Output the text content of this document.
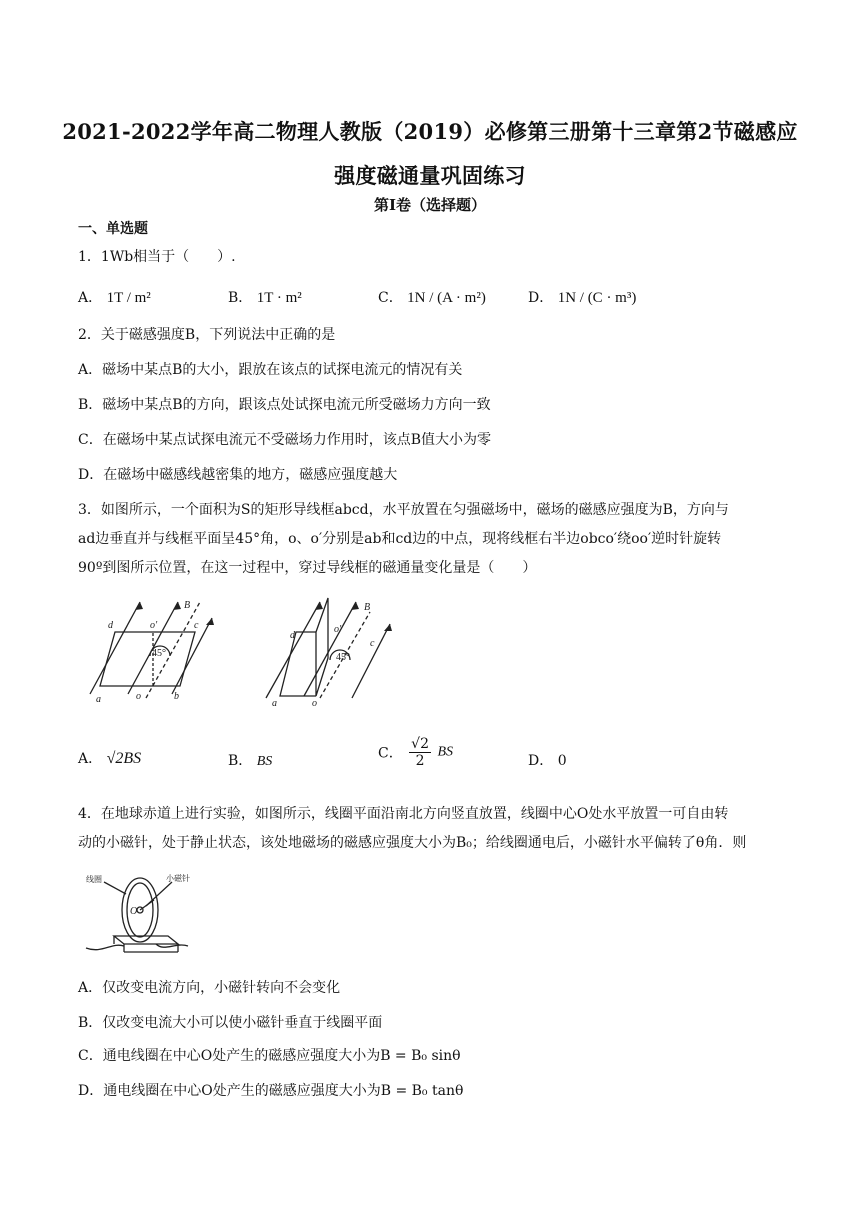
2021-2022学年高二物理人教版（2019）必修第三册第十三章第2节磁感应
强度磁通量巩固练习
第Ⅰ卷（选择题）
一、单选题
1．1Wb相当于（　　）.
A． 1T / m²	B． 1T · m²	C． 1N / (A · m²)	D． 1N / (C · m³)
2．关于磁感强度B，下列说法中正确的是
A．磁场中某点B的大小，跟放在该点的试探电流元的情况有关
B．磁场中某点B的方向，跟该点处试探电流元所受磁场力方向一致
C．在磁场中某点试探电流元不受磁场力作用时，该点B值大小为零
D．在磁场中磁感线越密集的地方，磁感应强度越大
3．如图所示，一个面积为S的矩形导线框abcd，水平放置在匀强磁场中，磁场的磁感应强度为B，方向与
ad边垂直并与线框平面呈45°角，o、o′分别是ab和cd边的中点，现将线框右半边obco′绕oo′逆时针旋转
90º到图所示位置，在这一过程中，穿过导线框的磁通量变化量是（　　）
d	o′
B
c
45°
a	o	b
d
o′
B
c
45°
a	o
A． √2BS	B． BS	C． $\frac{√2}{2}$ BS
D． 0
4．在地球赤道上进行实验，如图所示，线圈平面沿南北方向竖直放置，线圈中心O处水平放置一可自由转
动的小磁针，处于静止状态，该处地磁场的磁感应强度大小为B₀；给线圈通电后，小磁针水平偏转了θ角．则
线圈	小磁针
O
A．仅改变电流方向，小磁针转向不会变化
B．仅改变电流大小可以使小磁针垂直于线圈平面
C．通电线圈在中心O处产生的磁感应强度大小为B = B₀ sinθ
D．通电线圈在中心O处产生的磁感应强度大小为B = B₀ tanθ
